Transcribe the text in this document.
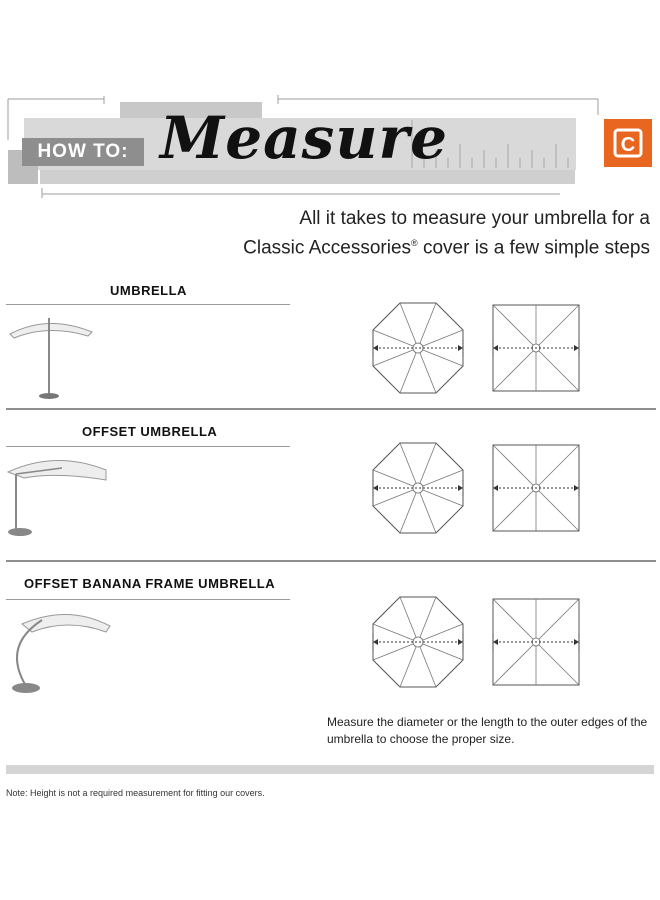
HOW TO: Measure	C
All it takes to measure your umbrella for a
Classic Accessories® cover is a few simple steps
UMBRELLA
OFFSET UMBRELLA
OFFSET BANANA FRAME UMBRELLA
Measure the diameter or the length to the outer edges of the umbrella to choose the proper size.
Note: Height is not a required measurement for fitting our covers.
